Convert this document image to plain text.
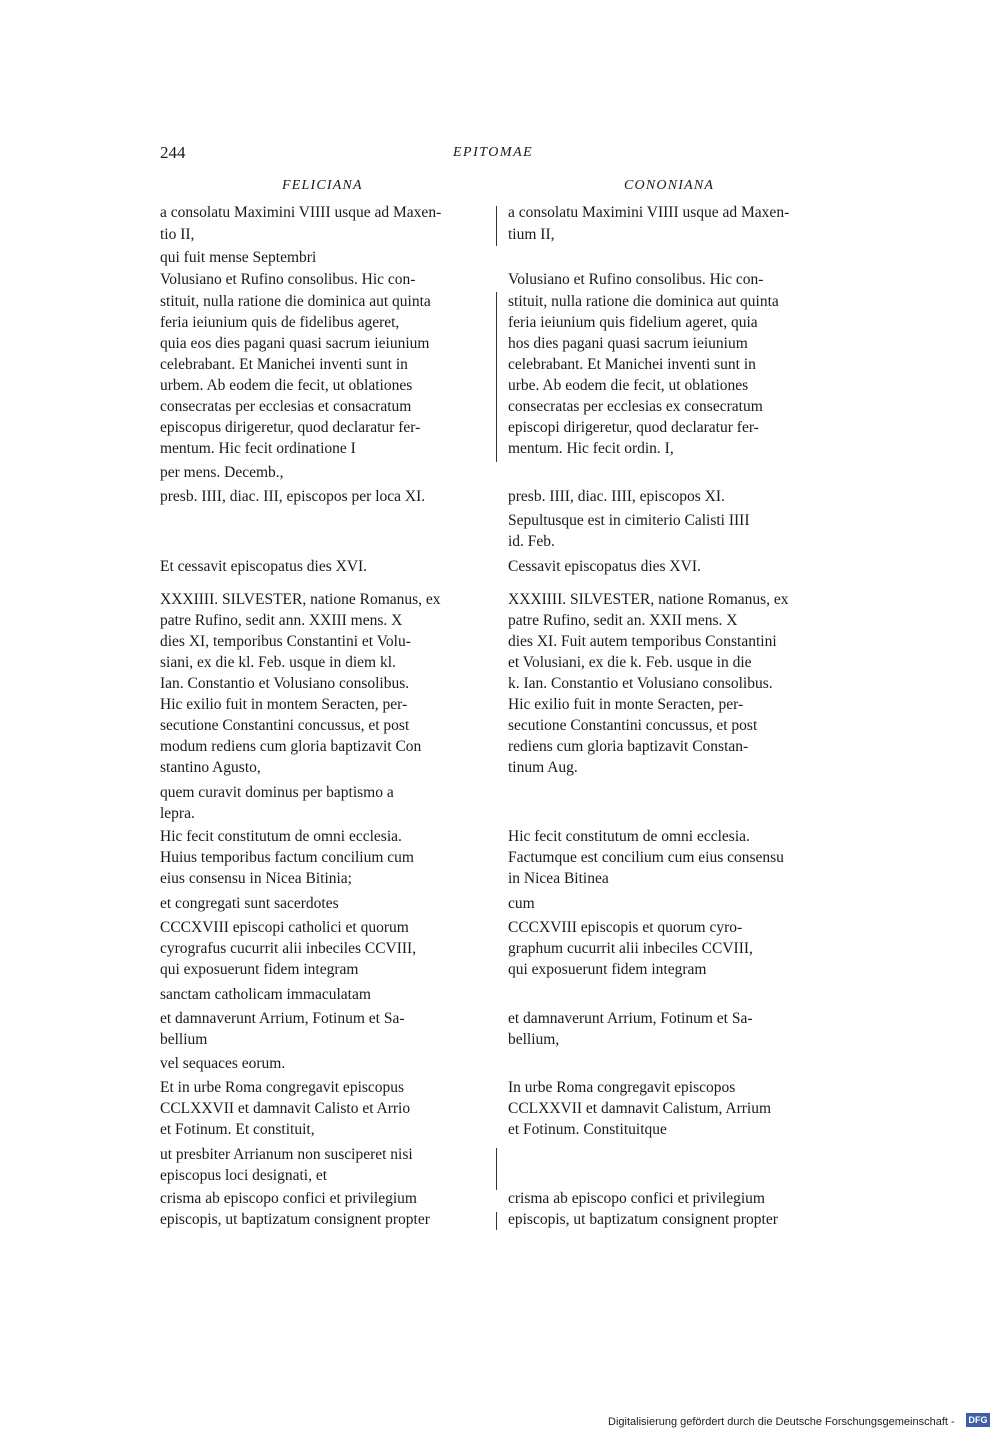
244	EPITOMAE
FELICIANA	CONONIANA
a consolatu Maximini VIIII usque ad Maxen-
tio II,
qui fuit mense Septembri
Volusiano et Rufino consolibus. Hic con-
stituit, nulla ratione die dominica aut quinta
feria ieiunium quis de fidelibus ageret,
quia eos dies pagani quasi sacrum ieiunium
celebrabant. Et Manichei inventi sunt in
urbem. Ab eodem die fecit, ut oblationes
consecratas per ecclesias et consacratum
episcopus dirigeretur, quod declaratur fer-
mentum. Hic fecit ordinatione I
per mens. Decemb.,
presb. IIII, diac. III, episcopos per loca XI.
Et cessavit episcopatus dies XVI.
XXXIIII. SILVESTER, natione Romanus, ex
patre Rufino, sedit ann. XXIII mens. X
dies XI, temporibus Constantini et Volu-
siani, ex die kl. Feb. usque in diem kl.
Ian. Constantio et Volusiano consolibus.
Hic exilio fuit in montem Seracten, per-
secutione Constantini concussus, et post
modum rediens cum gloria baptizavit Con
stantino Agusto,
quem curavit dominus per baptismo a
lepra.
Hic fecit constitutum de omni ecclesia.
Huius temporibus factum concilium cum
eius consensu in Nicea Bitinia;
et congregati sunt sacerdotes
CCCXVIII episcopi catholici et quorum
cyrografus cucurrit alii inbeciles CCVIII,
qui exposuerunt fidem integram
sanctam catholicam immaculatam
et damnaverunt Arrium, Fotinum et Sa-
bellium
vel sequaces eorum.
Et in urbe Roma congregavit episcopus
CCLXXVII et damnavit Calisto et Arrio
et Fotinum. Et constituit,
ut presbiter Arrianum non susciperet nisi
episcopus loci designati, et
crisma ab episcopo confici et privilegium
episcopis, ut baptizatum consignent propter
a consolatu Maximini VIIII usque ad Maxen-
tium II,
Volusiano et Rufino consolibus. Hic con-
stituit, nulla ratione die dominica aut quinta
feria ieiunium quis fidelium ageret, quia
hos dies pagani quasi sacrum ieiunium
celebrabant. Et Manichei inventi sunt in
urbe. Ab eodem die fecit, ut oblationes
consecratas per ecclesias ex consecratum
episcopi dirigeretur, quod declaratur fer-
mentum. Hic fecit ordin. I,
presb. IIII, diac. IIII, episcopos XI.
Sepultusque est in cimiterio Calisti IIII
id. Feb.
Cessavit episcopatus dies XVI.
XXXIIII. SILVESTER, natione Romanus, ex
patre Rufino, sedit an. XXII mens. X
dies XI. Fuit autem temporibus Constantini
et Volusiani, ex die k. Feb. usque in die
k. Ian. Constantio et Volusiano consolibus.
Hic exilio fuit in monte Seracten, per-
secutione Constantini concussus, et post
rediens cum gloria baptizavit Constan-
tinum Aug.
Hic fecit constitutum de omni ecclesia.
Factumque est concilium cum eius consensu
in Nicea Bitinea
cum
CCCXVIII episcopis et quorum cyro-
graphum cucurrit alii inbeciles CCVIII,
qui exposuerunt fidem integram
et damnaverunt Arrium, Fotinum et Sa-
bellium,
In urbe Roma congregavit episcopos
CCLXXVII et damnavit Calistum, Arrium
et Fotinum. Constituitque
crisma ab episcopo confici et privilegium
episcopis, ut baptizatum consignent propter
Digitalisierung gefördert durch die Deutsche Forschungsgemeinschaft - DFG
